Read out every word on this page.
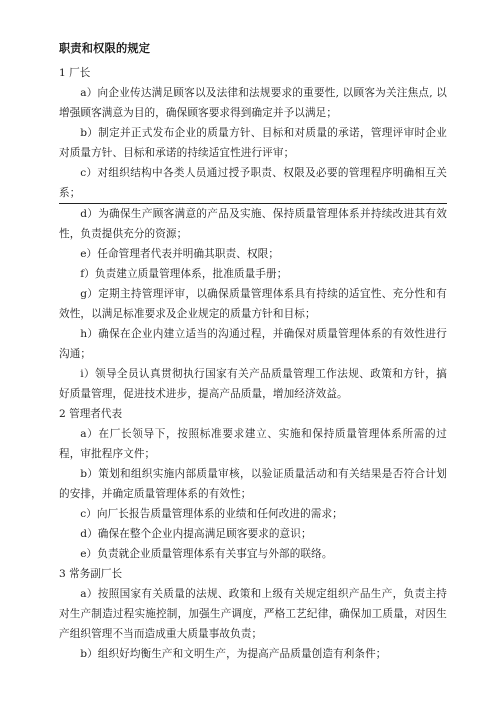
职责和权限的规定
1 厂长

a）向企业传达满足顾客以及法律和法规要求的重要性, 以顾客为关注焦点, 以增强顾客满意为目的，确保顾客要求得到确定并予以满足；

b）制定并正式发布企业的质量方针、目标和对质量的承诺，管理评审时企业对质量方针、目标和承诺的持续适宜性进行评审；

c）对组织结构中各类人员通过授予职责、权限及必要的管理程序明确相互关系；

d）为确保生产顾客满意的产品及实施、保持质量管理体系并持续改进其有效性，负责提供充分的资源；

e）任命管理者代表并明确其职责、权限；

f）负责建立质量管理体系，批准质量手册；

g）定期主持管理评审，以确保质量管理体系具有持续的适宜性、充分性和有效性，以满足标准要求及企业规定的质量方针和目标；

h）确保在企业内建立适当的沟通过程，并确保对质量管理体系的有效性进行沟通；

i）领导全员认真贯彻执行国家有关产品质量管理工作法规、政策和方针，搞好质量管理，促进技术进步，提高产品质量，增加经济效益。

2 管理者代表

a）在厂长领导下，按照标准要求建立、实施和保持质量管理体系所需的过程，审批程序文件；

b）策划和组织实施内部质量审核，以验证质量活动和有关结果是否符合计划的安排，并确定质量管理体系的有效性；

c）向厂长报告质量管理体系的业绩和任何改进的需求；

d）确保在整个企业内提高满足顾客要求的意识；

e）负责就企业质量管理体系有关事宜与外部的联络。

3 常务副厂长

a）按照国家有关质量的法规、政策和上级有关规定组织产品生产，负责主持对生产制造过程实施控制，加强生产调度，严格工艺纪律，确保加工质量，对因生产组织管理不当而造成重大质量事故负责；

b）组织好均衡生产和文明生产，为提高产品质量创造有利条件；
